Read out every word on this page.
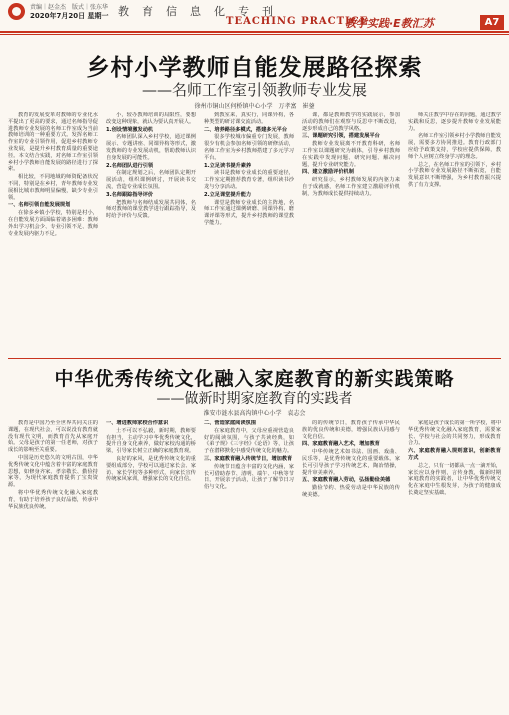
责编｜赵金杰　版式｜张东华
2020年7月20日 星期一 教育信息化专刊
TEACHING PRACTICE
教学实践·E教汇苏	A7
乡村小学教师自能发展路径探索
——名师工作室引领教师专业发展
徐州市铜山区何桥镇中心小学　万孝富　崔蓥

教育的发展变革对教师的专业化水平提出了更高的要求，通过名师指导促进教师专业发展的名师工作室成为当前教师培训的一种重要方式。发挥名师工作室的专业引领作用，促进乡村教师专业发展，是提升乡村教育质量的重要途径。本文结合实践，对名师工作室引领乡村小学教师自能发展的路径进行了探索。

相比较，不同地域的师资配备状况不同，特别是在乡村，青年教师专业发展相比城市教师明显偏慢，缺少专业引领。

一、名师引领自能发展规划

在徐多乡镇小学校，特别是村小，在自能发展方面面临着诸多困难：教师外出学习机会少、专业引领不足、教师专业发展内驱力不足。

小，较办教师培训的局限性，要想改变这种现象，就认为要认真开展人。

1.创设情境激发动机

名师团队深入乡村学校，通过课例展示、专题讲座、同课异构等形式，激发教师的专业发展动机，帮助教师认识自身发展的可能性。

2.名师团队进行引领

在制定规划之后，名师团队定期开展活动，组织课例研讨，开展读书交流，营造专业成长氛围。

3.名师跟踪指导评价

把教师与名师结成发展共同体，名师对教师的课堂教学进行跟踪指导，及时给予评价与反馈。

到教室来，真实行，同课异构，各种类型的研讨课交流活动。

二、培养路径多模式，搭建多元平台

很多学校城市偏重专门发展，教师很少有机会参加名师引领的研修活动，名师工作室为乡村教师搭建了多元学习平台。

1.立足读书提升素养

读书是教师专业成长的重要途径，工作室定期推荐教育专著，组织读书沙龙与分享活动。

2.立足课堂提升能力

课堂是教师专业成长的主阵地，名师工作室通过课例研磨、同课异构、磨课评课等形式，提升乡村教师的课堂教学能力。

课，都是教师教学的实践展示，参加活动的教师们在观察与反思中不断改进，逐步形成自己的教学风格。

三、课题研究引领，搭建发展平台

教师专业发展离不开教育科研，名师工作室以课题研究为载体，引导乡村教师在实践中发现问题、研究问题、解决问题，提升专业研究能力。

四、建立激励评价机制

研究显示，乡村教师发展的内驱力来自于成就感，名师工作室建立激励评价机制，为教师成长提供持续动力。

师关注教学中存在的问题，通过教学实践和反思，逐步提升教师专业发展能力。

名师工作室引领乡村小学教师自能发展，需要多方协同推进。教育行政部门应给予政策支持，学校应提供保障，教师个人应树立终身学习的理念。

总之，在名师工作室的引领下，乡村小学教师专业发展路径不断拓宽，自能发展意识不断增强，为乡村教育振兴提供了有力支撑。

中华优秀传统文化融入家庭教育的新实践策略
——做新时期家庭教育的实践者
淮安市涟水县高沟镇中心小学　袁志会

教育是中国乃至全世界共同关注的课题，在现代社会，可以说没有教育就没有现代文明，而教育首先从家庭开始。父母是孩子的第一任老师，对孩子成长的影响至关重要。

中国是历史悠久的文明古国，中华优秀传统文化中蕴含着丰富的家庭教育思想，如修身齐家、孝亲敬长、勤俭持家等，为现代家庭教育提供了宝贵资源。

将中华优秀传统文化融入家庭教育，有助于培养孩子良好品德，传承中华民族优良传统。

一、增进教师家校合作意识

土不可以不弘毅，新时期，教师要有担当，主动学习中华优秀传统文化，提升自身文化素养，做好家校沟通的桥梁，引导家长树立正确的家庭教育观。

良好的家风，是优秀传统文化的重要组成部分，学校可以通过家长会、家访、家长学校等多种形式，向家长宣传传统家风家训，增强家长的文化自信。

二、营造家庭阅读氛围

在家庭教育中，父母应重视营造良好的阅读氛围，与孩子共读经典，如《弟子规》《三字经》《论语》等，让孩子在潜移默化中感受传统文化的魅力。

三、家庭教育融入传统节日，增加教育

传统节日蕴含丰富的文化内涵，家长可借助春节、清明、端午、中秋等节日，开展亲子活动，让孩子了解节日习俗与文化。

的的传统节日，教育孩子传承中华民族的优良传统和美德，增强民族认同感与文化自信。

四、家庭教育融入艺术，增加教育

中华传统艺术如书法、国画、戏曲、民乐等，是优秀传统文化的重要载体。家长可引导孩子学习传统艺术，陶冶情操，提升审美素养。

五、家庭教育融入劳动，弘扬勤俭美德

勤俭节约、热爱劳动是中华民族的传统美德。

家庭是孩子成长的第一所学校，将中华优秀传统文化融入家庭教育，需要家长、学校与社会的共同努力，形成教育合力。

六、家庭教育融入规则意识，创新教育方式

总之，只有一切都从一点一滴开始，家长应以身作则，言传身教，做新时期家庭教育的实践者，让中华优秀传统文化在家庭中生根发芽，为孩子的健康成长奠定坚实基础。
